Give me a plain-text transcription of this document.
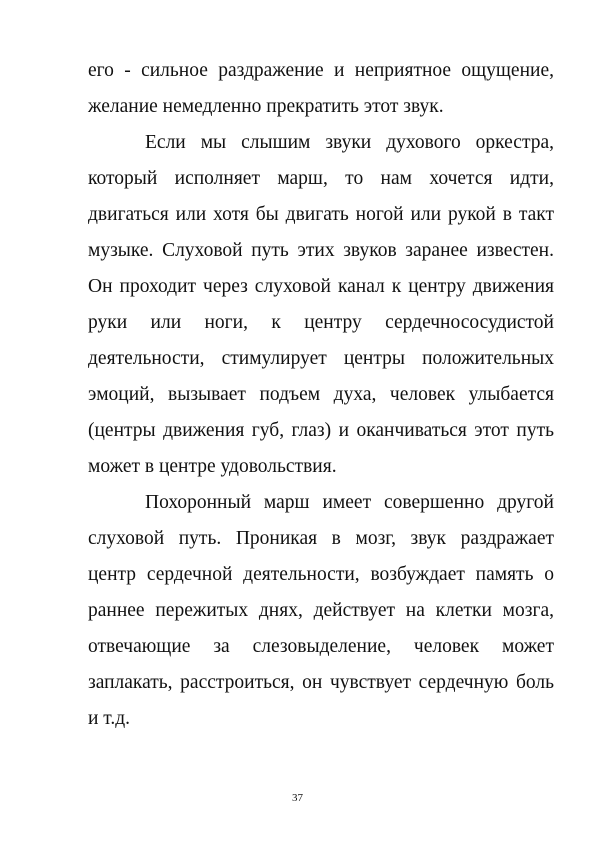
его - сильное раздражение и неприятное ощущение,
желание немедленно прекратить этот звук.
Если мы слышим звуки духового оркестра,
который исполняет марш, то нам хочется идти,
двигаться или хотя бы двигать ногой или рукой в такт
музыке. Слуховой путь этих звуков заранее известен.
Он проходит через слуховой канал к центру движения
руки или ноги, к центру сердечнососудистой
деятельности, стимулирует центры положительных
эмоций, вызывает подъем духа, человек улыбается
(центры движения губ, глаз) и оканчиваться этот путь
может в центре удовольствия.
Похоронный марш имеет совершенно другой
слуховой путь. Проникая в мозг, звук раздражает
центр сердечной деятельности, возбуждает память о
раннее пережитых днях, действует на клетки мозга,
отвечающие за слезовыделение, человек может
заплакать, расстроиться, он чувствует сердечную боль
и т.д.
37
